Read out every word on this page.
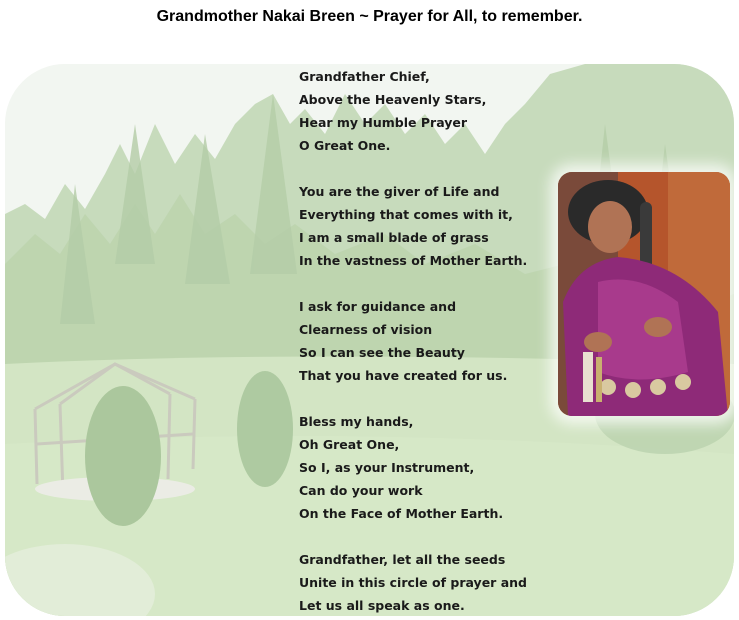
Grandmother Nakai Breen ~ Prayer for All, to remember.
Grandfather Chief,
Above the Heavenly Stars,
Hear my Humble Prayer
O Great One.
You are the giver of Life and
Everything that comes with it,
I am a small blade of grass
In the vastness of Mother Earth.
I ask for guidance and
Clearness of vision
So I can see the Beauty
That you have created for us.
Bless my hands,
Oh Great One,
So I, as your Instrument,
Can do your work
On the Face of Mother Earth.
Grandfather, let all the seeds
Unite in this circle of prayer and
Let us all speak as one.
